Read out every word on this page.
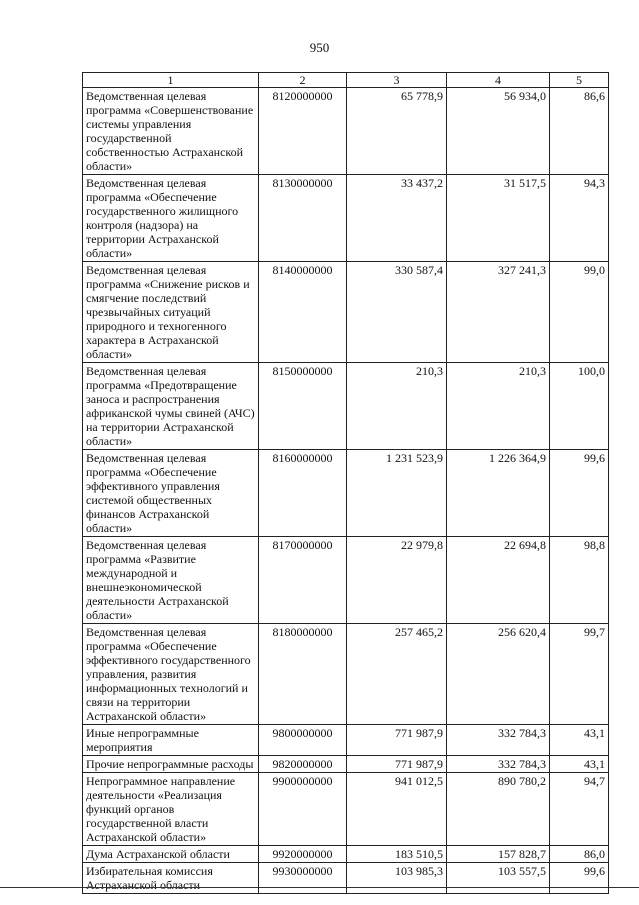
950
1	2	3	4	5
Ведомственная целевая программа «Совершенствование системы управления государственной собственностью Астраханской области»	8120000000	65 778,9	56 934,0	86,6
Ведомственная целевая программа «Обеспечение государственного жилищного контроля (надзора) на территории Астраханской области»	8130000000	33 437,2	31 517,5	94,3
Ведомственная целевая программа «Снижение рисков и смягчение последствий чрезвычайных ситуаций природного и техногенного характера в Астраханской области»	8140000000	330 587,4	327 241,3	99,0
Ведомственная целевая программа «Предотвращение заноса и распространения африканской чумы свиней (АЧС) на территории Астраханской области»	8150000000	210,3	210,3	100,0
Ведомственная целевая программа «Обеспечение эффективного управления системой общественных финансов Астраханской области»	8160000000	1 231 523,9	1 226 364,9	99,6
Ведомственная целевая программа «Развитие международной и внешнеэкономической деятельности Астраханской области»	8170000000	22 979,8	22 694,8	98,8
Ведомственная целевая программа «Обеспечение эффективного государственного управления, развития информационных технологий и связи на территории Астраханской области»	8180000000	257 465,2	256 620,4	99,7
Иные непрограммные мероприятия	9800000000	771 987,9	332 784,3	43,1
Прочие непрограммные расходы	9820000000	771 987,9	332 784,3	43,1
Непрограммное направление деятельности «Реализация функций органов государственной власти Астраханской области»	9900000000	941 012,5	890 780,2	94,7
Дума Астраханской области	9920000000	183 510,5	157 828,7	86,0
Избирательная комиссия Астраханской области	9930000000	103 985,3	103 557,5	99,6
